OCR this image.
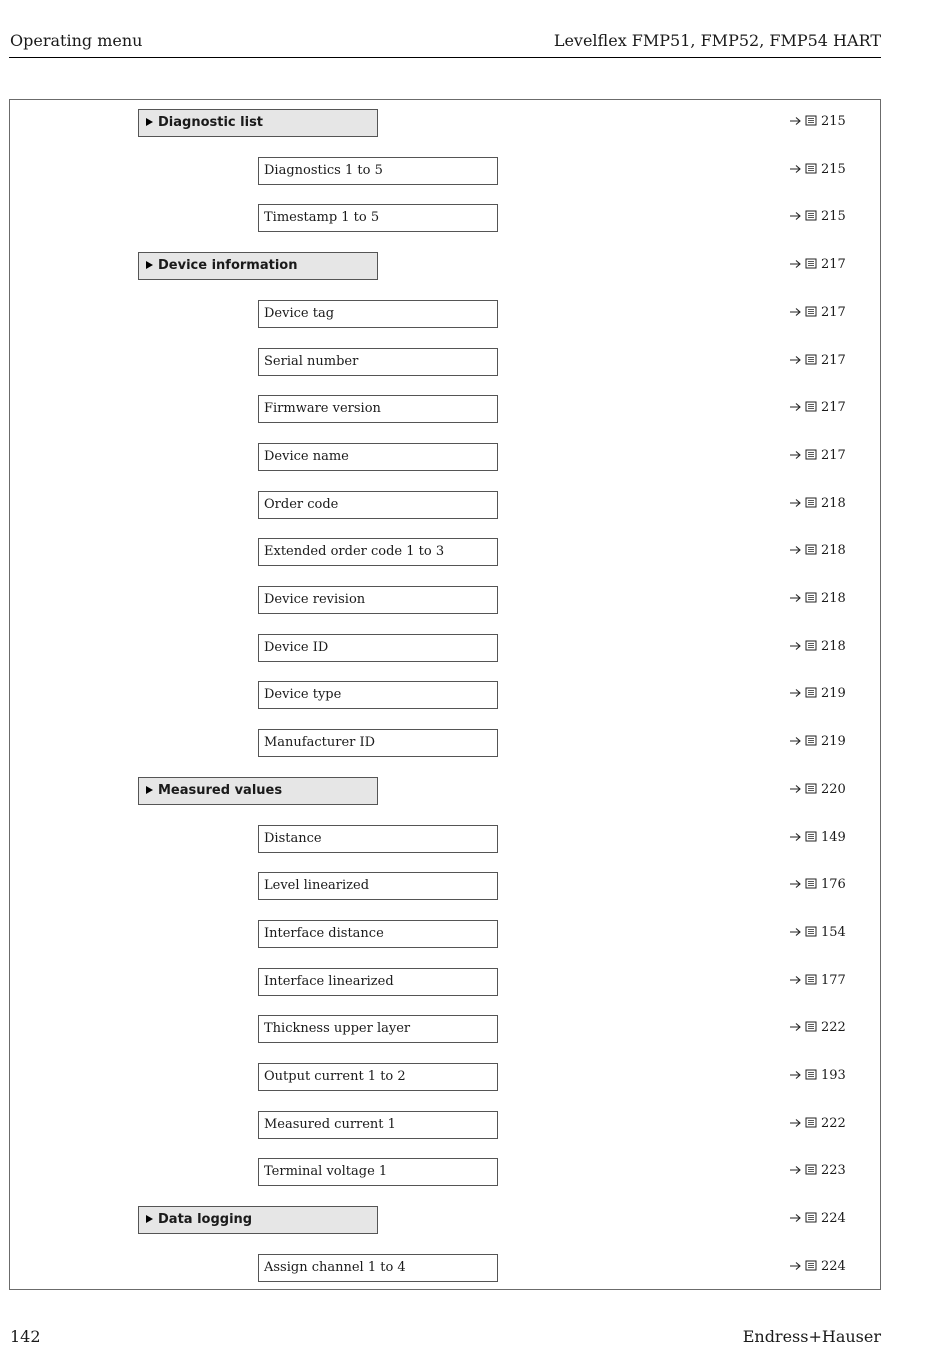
Operating menu	Levelflex FMP51, FMP52, FMP54 HART
Diagnostic list	215
Diagnostics 1 to 5	215
Timestamp 1 to 5	215
Device information	217
Device tag	217
Serial number	217
Firmware version	217
Device name	217
Order code	218
Extended order code 1 to 3	218
Device revision	218
Device ID	218
Device type	219
Manufacturer ID	219
Measured values	220
Distance	149
Level linearized	176
Interface distance	154
Interface linearized	177
Thickness upper layer	222
Output current 1 to 2	193
Measured current 1	222
Terminal voltage 1	223
Data logging	224
Assign channel 1 to 4	224
142	Endress+Hauser
